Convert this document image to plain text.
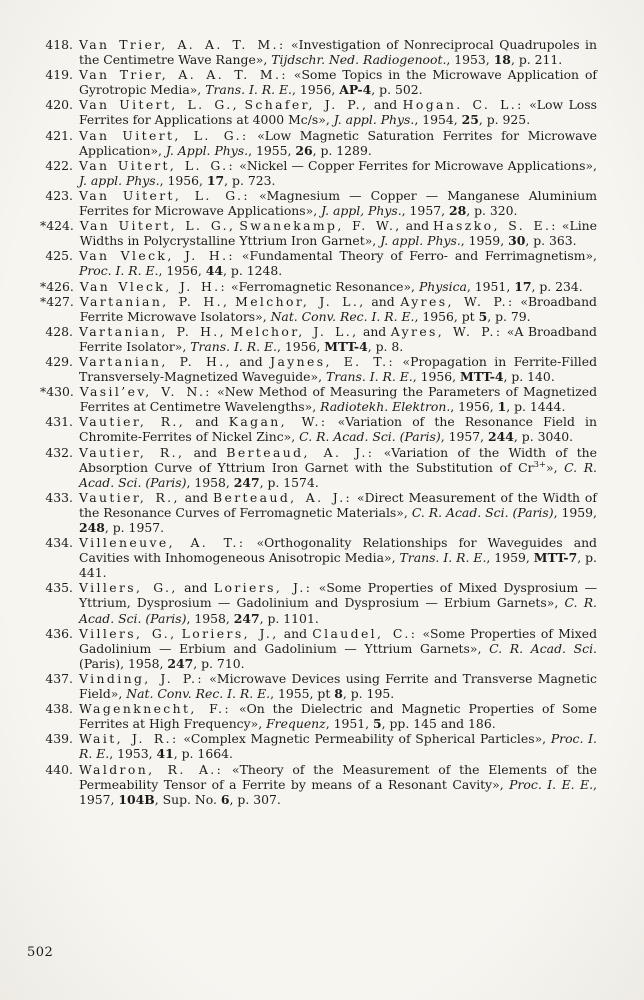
418. Van Trier, A. A. T. M.: «Investigation of Nonreciprocal Quadrupoles in the Centimetre Wave Range», Tijdschr. Ned. Radiogenoot., 1953, 18, p. 211.
419. Van Trier, A. A. T. M.: «Some Topics in the Microwave Application of Gyrotropic Media», Trans. I. R. E., 1956, AP-4, p. 502.
420. Van Uitert, L. G., Schafer, J. P., and Hogan. C. L.: «Low Loss Ferrites for Applications at 4000 Mc/s», J. appl. Phys., 1954, 25, p. 925.
421. Van Uitert, L. G.: «Low Magnetic Saturation Ferrites for Microwave Application», J. Appl. Phys., 1955, 26, p. 1289.
422. Van Uitert, L. G.: «Nickel — Copper Ferrites for Microwave Applications», J. appl. Phys., 1956, 17, p. 723.
423. Van Uitert, L. G.: «Magnesium — Copper — Manganese Aluminium Ferrites for Microwave Applications», J. appl, Phys., 1957, 28, p. 320.
*424. Van Uitert, L. G., Swanekamp, F. W., and Haszko, S. E.: «Line Widths in Polycrystalline Yttrium Iron Garnet», J. appl. Phys., 1959, 30, p. 363.
425. Van Vleck, J. H.: «Fundamental Theory of Ferro- and Ferrimagnetism», Proc. I. R. E., 1956, 44, p. 1248.
*426. Van Vleck, J. H.: «Ferromagnetic Resonance», Physica, 1951, 17, p. 234.
*427. Vartanian, P. H., Melchor, J. L., and Ayres, W. P.: «Broadband Ferrite Microwave Isolators», Nat. Conv. Rec. I. R. E., 1956, pt 5, p. 79.
428. Vartanian, P. H., Melchor, J. L., and Ayres, W. P.: «A Broadband Ferrite Isolator», Trans. I. R. E., 1956, MTT-4, p. 8.
429. Vartanian, P. H., and Jaynes, E. T.: «Propagation in Ferrite-Filled Transversely-Magnetized Waveguide», Trans. I. R. E., 1956, MTT-4, p. 140.
*430. Vasil’ev, V. N.: «New Method of Measuring the Parameters of Magnetized Ferrites at Centimetre Wavelengths», Radiotekh. Elektron., 1956, 1, p. 1444.
431. Vautier, R., and Kagan, W.: «Variation of the Resonance Field in Chromite-Ferrites of Nickel Zinc», C. R. Acad. Sci. (Paris), 1957, 244, p. 3040.
432. Vautier, R., and Berteaud, A. J.: «Variation of the Width of the Absorption Curve of Yttrium Iron Garnet with the Substitution of $Cr^{3+}$», C. R. Acad. Sci. (Paris), 1958, 247, p. 1574.
433. Vautier, R., and Berteaud, A. J.: «Direct Measurement of the Width of the Resonance Curves of Ferromagnetic Materials», C. R. Acad. Sci. (Paris), 1959, 248, p. 1957.
434. Villeneuve, A. T.: «Orthogonality Relationships for Waveguides and Cavities with Inhomogeneous Anisotropic Media», Trans. I. R. E., 1959, MTT-7, p. 441.
435. Villers, G., and Loriers, J.: «Some Properties of Mixed Dysprosium — Yttrium, Dysprosium — Gadolinium and Dysprosium — Erbium Garnets», C. R. Acad. Sci. (Paris), 1958, 247, p. 1101.
436. Villers, G., Loriers, J., and Claudel, C.: «Some Properties of Mixed Gadolinium — Erbium and Gadolinium — Yttrium Garnets», C. R. Acad. Sci. (Paris), 1958, 247, p. 710.
437. Vinding, J. P.: «Microwave Devices using Ferrite and Transverse Magnetic Field», Nat. Conv. Rec. I. R. E., 1955, pt 8, p. 195.
438. Wagenknecht, F.: «On the Dielectric and Magnetic Properties of Some Ferrites at High Frequency», Frequenz, 1951, 5, pp. 145 and 186.
439. Wait, J. R.: «Complex Magnetic Permeability of Spherical Particles», Proc. I. R. E., 1953, 41, p. 1664.
440. Waldron, R. A.: «Theory of the Measurement of the Elements of the Permeability Tensor of a Ferrite by means of a Resonant Cavity», Proc. I. E. E., 1957, 104B, Sup. No. 6, p. 307.
502
